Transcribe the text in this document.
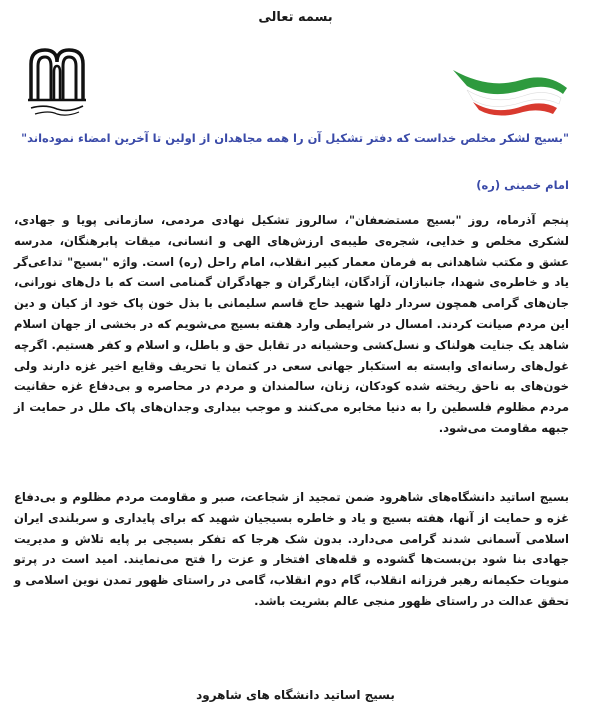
بسمه تعالی
"بسیج لشکر مخلص خداست که دفتر تشکیل آن را همه مجاهدان از اولین تا آخرین امضاء نموده‌اند"
امام خمینی (ره)

پنجم آذرماه، روز "بسیج مستضعفان"، سالروز تشکیل نهادی مردمی، سازمانی پویا و جهادی، لشکری مخلص و خدایی، شجره‌ی طیبه‌ی ارزش‌های الهی و انسانی، میقات پابرهنگان، مدرسه عشق و مکتب شاهدانی به فرمان معمار کبیر انقلاب، امام راحل (ره) است. واژه "بسیج" تداعی‌گر یاد و خاطره‌ی شهدا، جانبازان، آزادگان، ایثارگران و جهادگران گمنامی است که با دل‌های نورانی، جان‌های گرامی همچون سردار دلها شهید حاج قاسم سلیمانی با بذل خون پاک خود از کیان و دین این مردم صیانت کردند. امسال در شرایطی وارد هفته بسیج می‌شویم که در بخشی از جهان اسلام شاهد یک جنایت هولناک و نسل‌کشی وحشیانه در تقابل حق و باطل، و اسلام و کفر هستیم. اگرچه غول‌های رسانه‌ای وابسته به استکبار جهانی سعی در کتمان یا تحریف وقایع اخیر غزه دارند ولی خون‌های به ناحق ریخته شده کودکان، زنان، سالمندان و مردم در محاصره و بی‌دفاع غزه حقانیت مردم مظلوم فلسطین را به دنیا مخابره می‌کنند و موجب بیداری وجدان‌های پاک ملل در حمایت از جبهه مقاومت می‌شود.

بسیج اساتید دانشگاه‌های شاهرود ضمن تمجید از شجاعت، صبر و مقاومت مردم مظلوم و بی‌دفاع غزه و حمایت از آنها، هفته بسیج و یاد و خاطره بسیجیان شهید که برای پایداری و سربلندی ایران اسلامی آسمانی شدند گرامی می‌دارد. بدون شک هرجا که تفکر بسیجی بر پایه تلاش و مدیریت جهادی بنا شود بن‌بست‌ها گشوده و قله‌های افتخار و عزت را فتح می‌نمایند. امید است در پرتو منویات حکیمانه رهبر فرزانه انقلاب، گام دوم انقلاب، گامی در راستای ظهور تمدن نوین اسلامی و تحقق عدالت در راستای ظهور منجی عالم بشریت باشد.

بسیج اساتید دانشگاه های شاهرود
